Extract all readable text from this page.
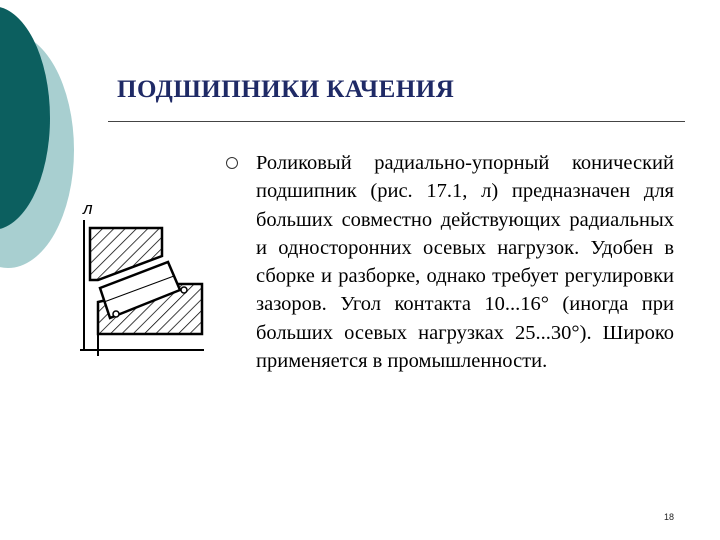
ПОДШИПНИКИ КАЧЕНИЯ
Роликовый радиально-упорный конический подшипник (рис. 17.1, л) предназначен для больших совместно действующих радиальных и односторонних осевых нагрузок. Удобен в сборке и разборке, однако требует регулировки зазоров. Угол контакта 10...16° (иногда при больших осевых нагрузках 25...30°). Широко применяется в промышленности.
л
18
